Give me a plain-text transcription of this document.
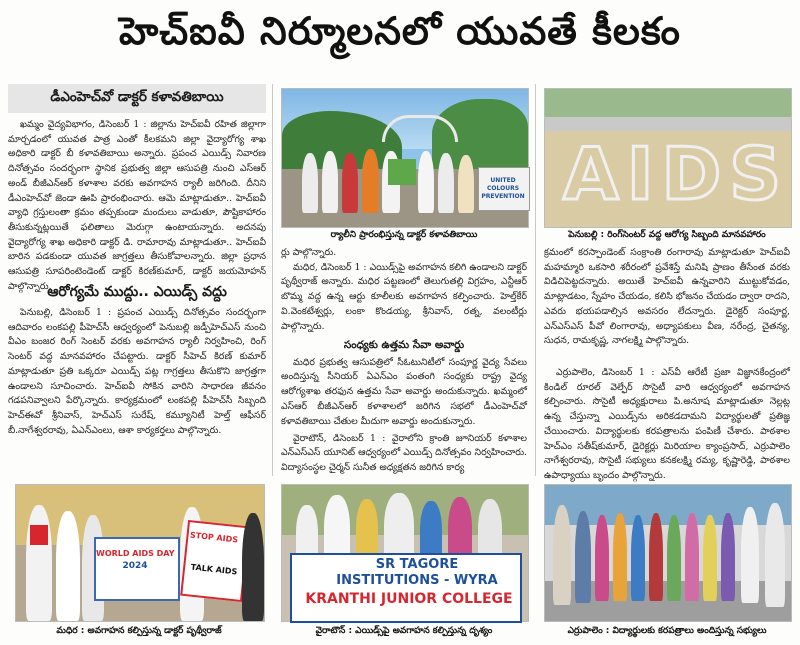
హెచ్‌ఐవీ నిర్మూలనలో యువతే కీలకం
డీఎంహెచ్‌వో డాక్టర్ కళావతిబాయి

ఖమ్మం వైద్యవిభాగం, డిసెంబర్ 1 : జిల్లాను హెచ్ఐవీ రహిత జిల్లాగా మార్చడంలో యువత పాత్ర ఎంతో కీలకమని జిల్లా వైద్యారోగ్య శాఖ అధికారి డాక్టర్ బీ కళావతిబాయి అన్నారు. ప్రపంచ ఎయిడ్స్ నివారణ దినోత్సవం సందర్భంగా స్థానిక ప్రభుత్వ జిల్లా ఆసుపత్రి నుంచి ఎస్ఆర్ అండ్ బీజీఎన్ఆర్ కళాశాల వరకు అవగాహన ర్యాలీ జరిగింది. దీనిని డీఎంహెచ్‌వో జెండా ఊపి ప్రారంభించారు. ఆమె మాట్లాడుతూ.. హెచ్ఐవీ వ్యాధి గ్రస్తులంతా క్రమం తప్పకుండా మందులు వాడుతూ, పౌష్టికాహారం తీసుకున్నట్లయితే ఫలితాలు మెరుగ్గా ఉంటాయన్నారు. అదనపు వైద్యారోగ్య శాఖ అధికారి డాక్టర్ డి. రామారావు మాట్లాడుతూ.. హెచ్ఐవీ బారిన పడకుండా యువత జాగ్రత్తలు తీసుకోవాలన్నారు. జిల్లా ప్రధాన ఆసుపత్రి సూపరింటెండెంట్ డాక్టర్ కిరణ్‌కుమార్, డాక్టర్ జయమోహన్ పాల్గొన్నారు.

ఆరోగ్యమే ముద్దు.. ఎయిడ్స్ వద్దు

పెనుబల్లి, డిసెంబర్ 1 : ప్రపంచ ఎయిడ్స్ దినోత్సవం సందర్భంగా ఆదివారం లంకపల్లి పీహెచ్‌సీ ఆధ్వర్యంలో పెనుబల్లి జడ్పీహెచ్ఎస్ నుంచి వీఎం బంజర రింగ్ సెంటర్ వరకు అవగాహన ర్యాలీ నిర్వహించి, రింగ్ సెంటర్ వద్ద మానవహారం చేపట్టారు. డాక్టర్ సీహెచ్ కిరణ్ కుమార్ మాట్లాడుతూ ప్రతి ఒక్కరూ ఎయిడ్స్ పట్ల గాగ్రత్తలు తీసుకొని జాగ్రత్తగా ఉండాలని సూచించారు. హెచ్ఐవీ సోకిన వారిని సాధారణ జీవనం గడపనివ్వాలని పేర్కొన్నారు. కార్యక్రమంలో లంకపల్లి పీహెచ్‌సీ సిబ్బంది హెచ్ఈవో శ్రీనివాస్, హెచ్ఎస్ సురేష్, కమ్యూనిటీ హెల్త్ ఆఫీసర్ బీ.నాగేశ్వరరావు, ఏఎన్ఎంలు, ఆశా కార్యకర్తలు పాల్గొన్నారు.

UNITED COLOURS PREVENTION
ర్యాలీని ప్రారంభిస్తున్న డాక్టర్ కళావతిబాయి
AIDS
పెనుబల్లి : రింగ్‌సెంటర్ వద్ద ఆరోగ్య సిబ్బంది మానవహారం

ర్లు పాల్గొన్నారు.

మధిర, డిసెంబర్ 1 : ఎయిడ్స్‌పై అవగాహన కలిగి ఉండాలని డాక్టర్ పృథ్వీరాజ్ అన్నారు. మధిర పట్టణంలో తెలుగుతల్లి విగ్రహం, ఎన్టీఆర్ బొమ్మ వద్ద ఉన్న ఆర్టు కూలీలకు అవగాహన కల్పించారు. హెల్త్‌కేర్ వి.వెంకటేశ్వర్లు, లంకా కొండయ్య, శ్రీనివాస్, రత్న, వలంటీర్లు పాల్గొన్నారు.

సంధ్యకు ఉత్తమ సేవా అవార్డు

మధిర ప్రభుత్వ ఆసుపత్రిలో సీఓటునిటీలో సంపూర్ణ వైద్య సేవలు అందిస్తున్న సీనియర్ ఏఎన్ఎం పంతంగి సంధ్యకు రాష్ట్ర వైద్య ఆరోగ్యశాఖ తరఫున ఉత్తమ సేవా అవార్డు అందుకున్నారు. ఖమ్మంలో ఎస్ఆర్ బీజీఎన్ఆర్ కళాశాలలో జరిగిన సభలో డీఎంహెచ్‌వో కళావతిబాయి చేతుల మీదుగా అవార్డు అందుకున్నారు.

వైరాటౌన్, డిసెంబర్ 1 : వైరాలోని క్రాంతి జూనియర్ కళాశాల ఎన్ఎస్ఎస్ యూనిట్ ఆధ్వర్యంలో ఎయిడ్స్ దినోత్సవం నిర్వహించారు. విద్యాసంస్థల చైర్మన్ సునీత అధ్యక్షతన జరిగిన కార్య

క్రమంలో కరస్పాండెంట్ సంక్రాంతి రంగారావు మాట్లాడుతూ హెచ్ఐవీ మహమ్మారి ఒకసారి శరీరంలో ప్రవేశిస్తే మనిషి ప్రాణం తీసేంత వరకు విడిచిపెట్టదన్నారు. అయితే హెచ్ఐవీ ఉన్నవారిని ముట్టుకోవడం, మాట్లాడటం, స్నేహం చేయడం, కలిసి భోజనం చేయడం ద్వారా రాదని, ఎవరు భయపడాల్సిన అవసరం లేదన్నారు. డైరెక్టర్ సంపూర్ణ, ఎన్ఎస్ఎస్ పీవో లింగారావు, అధ్యాపకులు వీణ, నరేంద్ర, చైతన్య, సుధన, రామకృష్ణ, నాగలక్ష్మి పాల్గొన్నారు.

ఎర్రుపాలెం, డిసెంబర్ 1 : ఎస్‌వీ ఆరేటీ ప్రజా విజ్ఞానకేంద్రంలో కిండిల్ రూరల్ వెల్ఫేర్ సొసైటీ వారి ఆధ్వర్యంలో అవగాహన కల్పించారు. సొసైటీ అధ్యక్షురాలు పి.అనూష మాట్లాడుతూ నెల్లట్ల ఉన్న చేస్తున్నా ఎయిడ్స్‌ను అరికడదామని విద్యార్థులతో ప్రతిజ్ఞ చేయించారు. విద్యార్థులకు కరపత్రాలను పంపిణీ చేశారు. పాఠశాల హెచ్ఎం సతీష్‌కుమార్, డైరెక్టర్లు మిరియాల క్యాంప్రసాద్, ఎర్రుపాలెం నాగేశ్వరరావు, సొసైటీ సభ్యులు కనకలక్ష్మి రమ్య, కృష్ణారెడ్డి, పాఠశాల ఉపాధ్యాయు బృందం పాల్గొన్నారు.

WORLD AIDS DAY
2024
STOP AIDS
TALK AIDS
మధిర : అవగాహన కల్పిస్తున్న డాక్టర్ పృథ్వీరాజ్
SR TAGORE
INSTITUTIONS - WYRA
KRANTHI JUNIOR COLLEGE
వైరాటౌన్ : ఎయిడ్స్‌పై అవగాహన కల్పిస్తున్న దృశ్యం	ఎర్రుపాలెం : విద్యార్థులకు కరపత్రాలు అందిస్తున్న సభ్యులు
